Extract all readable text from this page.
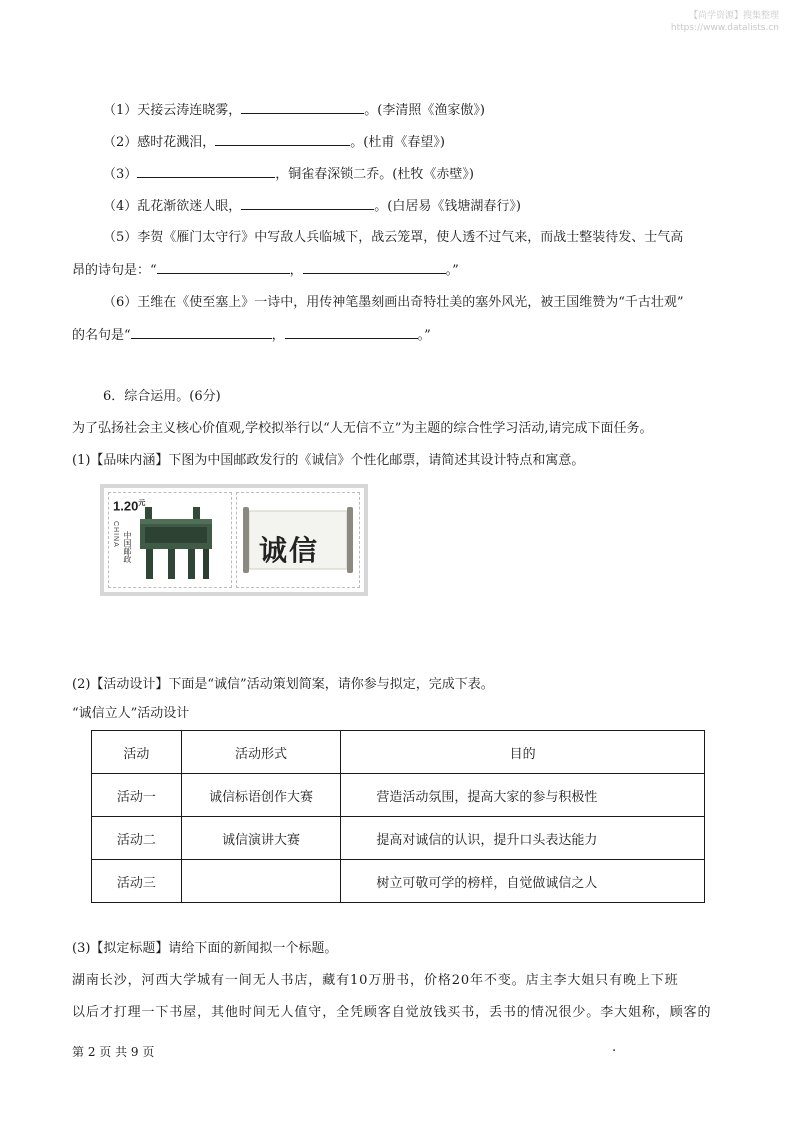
【尚学资源】搜集整理
https://www.datalists.cn
（1）天接云涛连晓雾，	。(李清照《渔家傲》)
（2）感时花溅泪，	。(杜甫《春望》)
（3）	，铜雀春深锁二乔。(杜牧《赤壁》)
（4）乱花渐欲迷人眼，	。(白居易《钱塘湖春行》)
（5）李贺《雁门太守行》中写敌人兵临城下，战云笼罩，使人透不过气来，而战士整装待发、士气高
昂的诗句是：“	，	。”
（6）王维在《使至塞上》一诗中，用传神笔墨刻画出奇特壮美的塞外风光，被王国维赞为“千古壮观”
的名句是“	，	。”
6．综合运用。(6分)
为了弘扬社会主义核心价值观,学校拟举行以“人无信不立”为主题的综合性学习活动,请完成下面任务。
(1)【品味内涵】下图为中国邮政发行的《诚信》个性化邮票，请简述其设计特点和寓意。
$1.20^元$
CHINA 中国邮政	诚信
(2)【活动设计】下面是“诚信”活动策划简案，请你参与拟定，完成下表。
“诚信立人”活动设计
活动	活动形式	目的
活动一	诚信标语创作大赛	营造活动氛围，提高大家的参与积极性
活动二	诚信演讲大赛	提高对诚信的认识，提升口头表达能力
活动三		树立可敬可学的榜样，自觉做诚信之人
(3)【拟定标题】请给下面的新闻拟一个标题。
湖南长沙，河西大学城有一间无人书店，藏有10万册书，价格20年不变。店主李大姐只有晚上下班
以后才打理一下书屋，其他时间无人值守，全凭顾客自觉放钱买书，丢书的情况很少。李大姐称，顾客的
第 2 页 共 9 页	.
